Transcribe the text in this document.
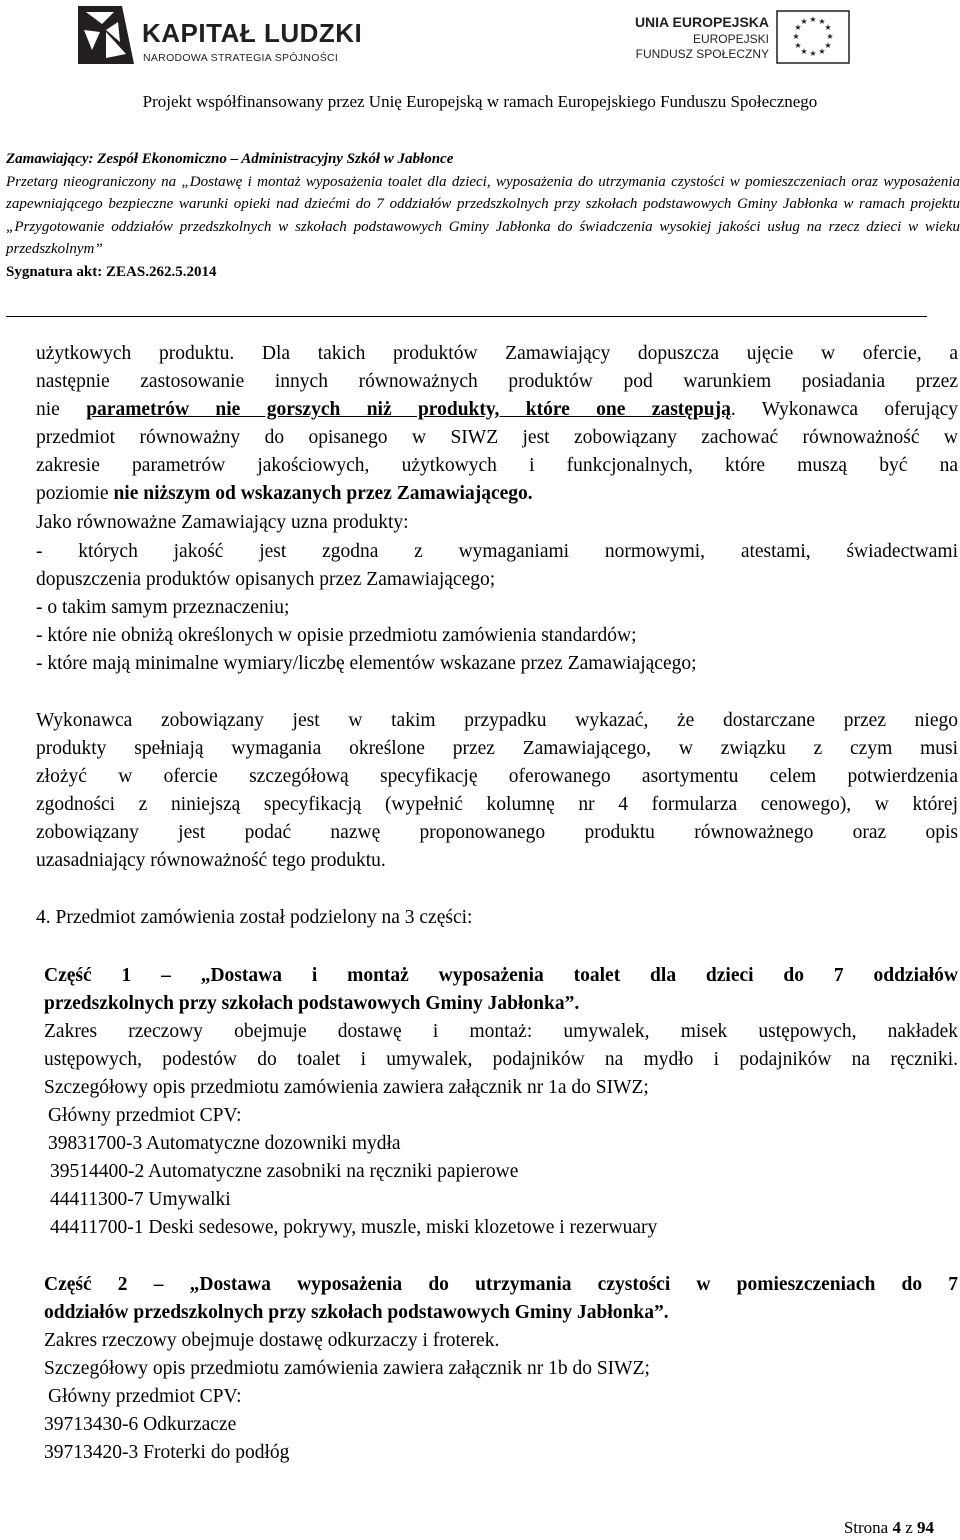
KAPITAŁ LUDZKI
NARODOWA STRATEGIA SPÓJNOŚCI
UNIA EUROPEJSKA
EUROPEJSKI
FUNDUSZ SPOŁECZNY
★ ★
★
★
★
★
★
★
★
★
★
★
Projekt współfinansowany przez Unię Europejską w ramach Europejskiego Funduszu Społecznego

Zamawiający: Zespół Ekonomiczno – Administracyjny Szkół w Jabłonce

Przetarg nieograniczony na „Dostawę i montaż wyposażenia toalet dla dzieci, wyposażenia do utrzymania czystości w pomieszczeniach oraz wyposażenia zapewniającego bezpieczne warunki opieki nad dziećmi do 7 oddziałów przedszkolnych przy szkołach podstawowych Gminy Jabłonka w ramach projektu „Przygotowanie oddziałów przedszkolnych w szkołach podstawowych Gminy Jabłonka do świadczenia wysokiej jakości usług na rzecz dzieci w wieku przedszkolnym”

Sygnatura akt: ZEAS.262.5.2014

użytkowych produktu. Dla takich produktów Zamawiający dopuszcza ujęcie w ofercie, a
następnie zastosowanie innych równoważnych produktów pod warunkiem posiadania przez
nie parametrów nie gorszych niż produkty, które one zastępują. Wykonawca oferujący
przedmiot równoważny do opisanego w SIWZ jest zobowiązany zachować równoważność w
zakresie parametrów jakościowych, użytkowych i funkcjonalnych, które muszą być na
poziomie nie niższym od wskazanych przez Zamawiającego.
Jako równoważne Zamawiający uzna produkty:
- których jakość jest zgodna z wymaganiami normowymi, atestami, świadectwami
dopuszczenia produktów opisanych przez Zamawiającego;
- o takim samym przeznaczeniu;
- które nie obniżą określonych w opisie przedmiotu zamówienia standardów;
- które mają minimalne wymiary/liczbę elementów wskazane przez Zamawiającego;
Wykonawca zobowiązany jest w takim przypadku wykazać, że dostarczane przez niego
produkty spełniają wymagania określone przez Zamawiającego, w związku z czym musi
złożyć w ofercie szczegółową specyfikację oferowanego asortymentu celem potwierdzenia
zgodności z niniejszą specyfikacją (wypełnić kolumnę nr 4 formularza cenowego), w której
zobowiązany jest podać nazwę proponowanego produktu równoważnego oraz opis
uzasadniający równoważność tego produktu.
4. Przedmiot zamówienia został podzielony na 3 części:
Część 1 – „Dostawa i montaż wyposażenia toalet dla dzieci do 7 oddziałów
przedszkolnych przy szkołach podstawowych Gminy Jabłonka”.
Zakres rzeczowy obejmuje dostawę i montaż: umywalek, misek ustępowych, nakładek
ustępowych, podestów do toalet i umywalek, podajników na mydło i podajników na ręczniki.
Szczegółowy opis przedmiotu zamówienia zawiera załącznik nr 1a do SIWZ;
Główny przedmiot CPV:
39831700-3 Automatyczne dozowniki mydła
39514400-2 Automatyczne zasobniki na ręczniki papierowe
44411300-7 Umywalki
44411700-1 Deski sedesowe, pokrywy, muszle, miski klozetowe i rezerwuary
Część 2 – „Dostawa wyposażenia do utrzymania czystości w pomieszczeniach do 7
oddziałów przedszkolnych przy szkołach podstawowych Gminy Jabłonka”.
Zakres rzeczowy obejmuje dostawę odkurzaczy i froterek.
Szczegółowy opis przedmiotu zamówienia zawiera załącznik nr 1b do SIWZ;
Główny przedmiot CPV:
39713430-6 Odkurzacze
39713420-3 Froterki do podłóg
Strona 4 z 94
